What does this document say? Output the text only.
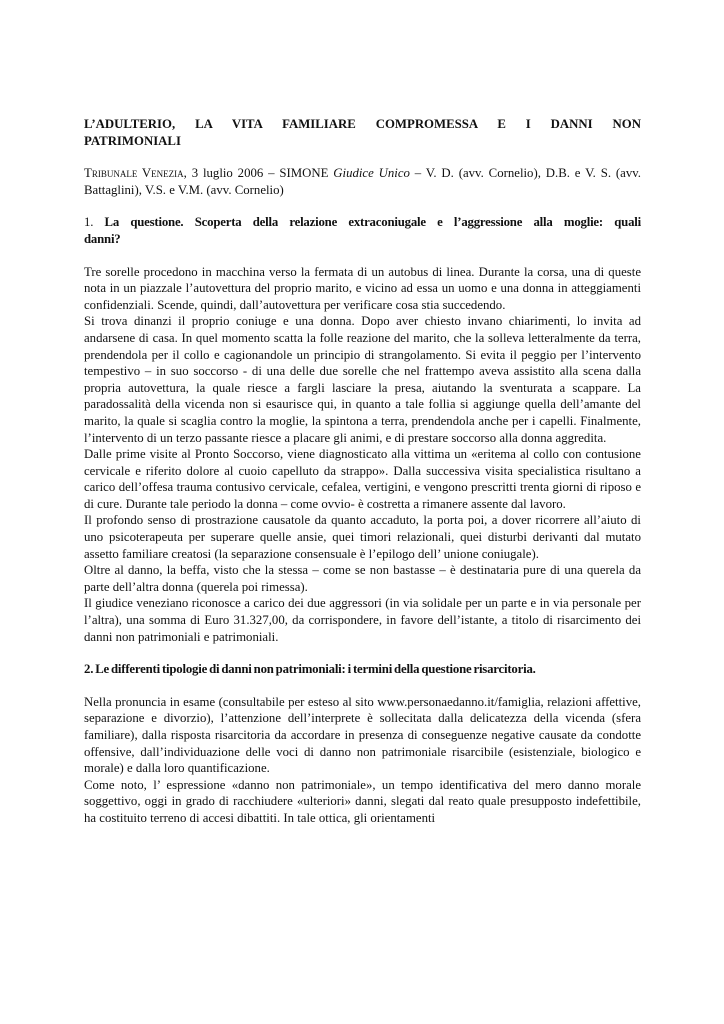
L’ADULTERIO, LA VITA FAMILIARE COMPROMESSA E I DANNI NON
PATRIMONIALI

Tribunale Venezia, 3 luglio 2006 – SIMONE Giudice Unico – V. D. (avv. Cornelio), D.B. e V. S. (avv. Battaglini), V.S. e V.M. (avv. Cornelio)

1. La questione. Scoperta della relazione extraconiugale e l’aggressione alla moglie: quali
danni?

Tre sorelle procedono in macchina verso la fermata di un autobus di linea. Durante la corsa, una di queste nota in un piazzale l’autovettura del proprio marito, e vicino ad essa un uomo e una donna in atteggiamenti confidenziali. Scende, quindi, dall’autovettura per verificare cosa stia succedendo.

Si trova dinanzi il proprio coniuge e una donna. Dopo aver chiesto invano chiarimenti, lo invita ad andarsene di casa. In quel momento scatta la folle reazione del marito, che la solleva letteralmente da terra, prendendola per il collo e cagionandole un principio di strangolamento. Si evita il peggio per l’intervento tempestivo – in suo soccorso - di una delle due sorelle che nel frattempo aveva assistito alla scena dalla propria autovettura, la quale riesce a fargli lasciare la presa, aiutando la sventurata a scappare. La paradossalità della vicenda non si esaurisce qui, in quanto a tale follia si aggiunge quella dell’amante del marito, la quale si scaglia contro la moglie, la spintona a terra, prendendola anche per i capelli. Finalmente, l’intervento di un terzo passante riesce a placare gli animi, e di prestare soccorso alla donna aggredita.

Dalle prime visite al Pronto Soccorso, viene diagnosticato alla vittima un «eritema al collo con contusione cervicale e riferito dolore al cuoio capelluto da strappo». Dalla successiva visita specialistica risultano a carico dell’offesa trauma contusivo cervicale, cefalea, vertigini, e vengono prescritti trenta giorni di riposo e di cure. Durante tale periodo la donna – come ovvio- è costretta a rimanere assente dal lavoro.

Il profondo senso di prostrazione causatole da quanto accaduto, la porta poi, a dover ricorrere all’aiuto di uno psicoterapeuta per superare quelle ansie, quei timori relazionali, quei disturbi derivanti dal mutato assetto familiare creatosi (la separazione consensuale è l’epilogo dell’ unione coniugale).

Oltre al danno, la beffa, visto che la stessa – come se non bastasse – è destinataria pure di una querela da parte dell’altra donna (querela poi rimessa).

Il giudice veneziano riconosce a carico dei due aggressori (in via solidale per un parte e in via personale per l’altra), una somma di Euro 31.327,00, da corrispondere, in favore dell’istante, a titolo di risarcimento dei danni non patrimoniali e patrimoniali.

2. Le differenti tipologie di danni non patrimoniali: i termini della questione risarcitoria.

Nella pronuncia in esame (consultabile per esteso al sito www.personaedanno.it/famiglia, relazioni affettive, separazione e divorzio), l’attenzione dell’interprete è sollecitata dalla delicatezza della vicenda (sfera familiare), dalla risposta risarcitoria da accordare in presenza di conseguenze negative causate da condotte offensive, dall’individuazione delle voci di danno non patrimoniale risarcibile (esistenziale, biologico e morale) e dalla loro quantificazione.

Come noto, l’ espressione «danno non patrimoniale», un tempo identificativa del mero danno morale soggettivo, oggi in grado di racchiudere «ulteriori» danni, slegati dal reato quale presupposto indefettibile, ha costituito terreno di accesi dibattiti. In tale ottica, gli orientamenti
